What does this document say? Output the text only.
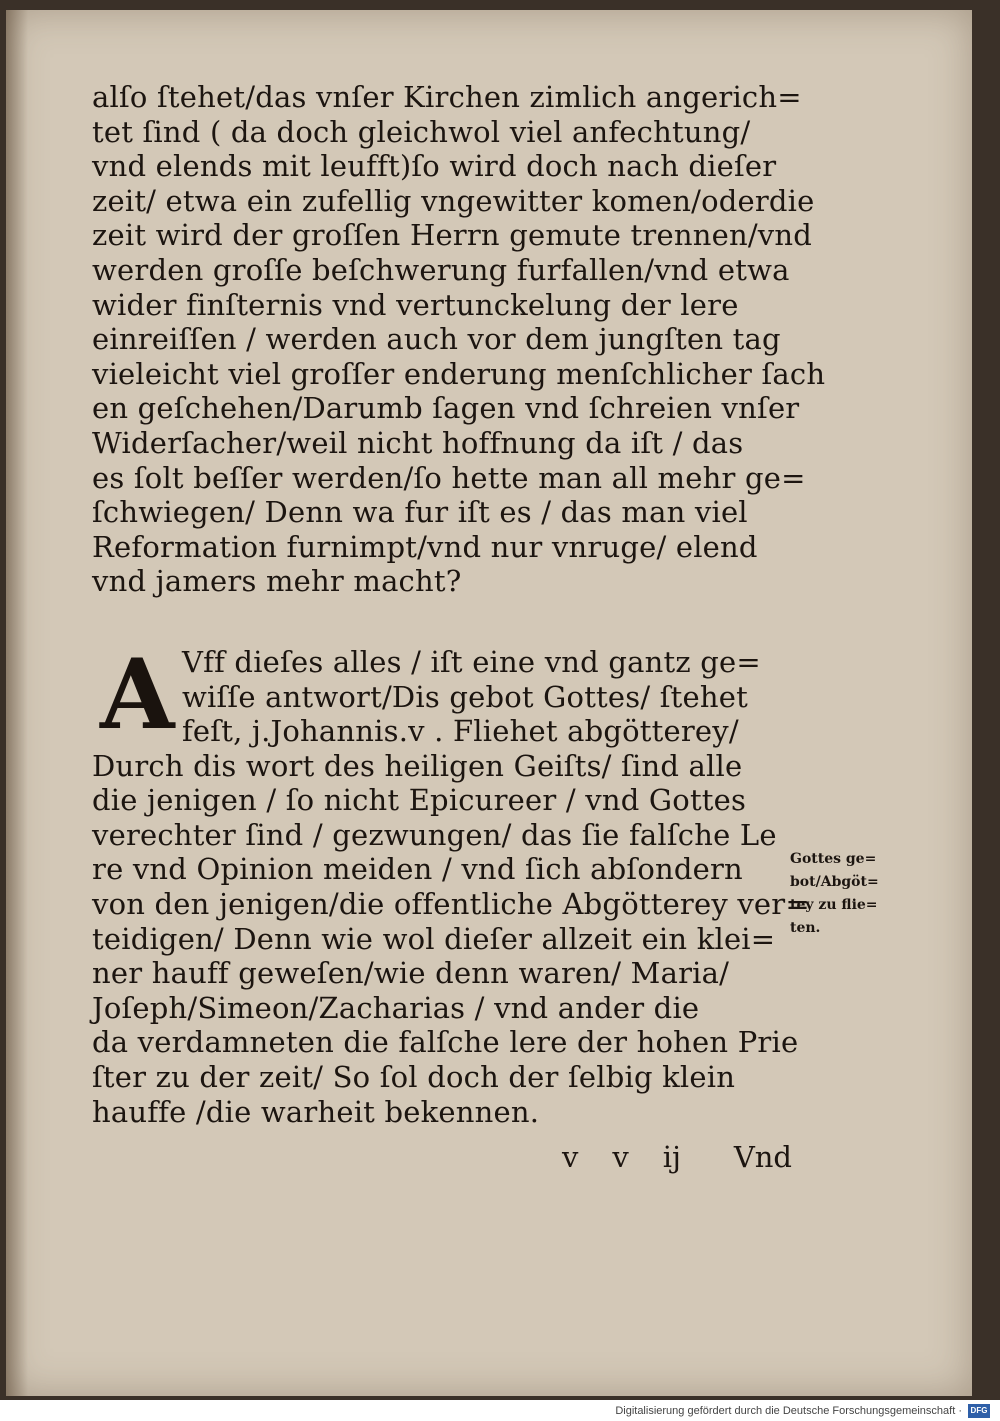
alſo ſtehet/das vnſer Kirchen zimlich angerich=
tet ſind ( da doch gleichwol viel anfechtung/
vnd elends mit leufft)ſo wird doch nach dieſer
zeit/ etwa ein zufellig vngewitter komen/oderdie
zeit wird der groſſen Herrn gemute trennen/vnd
werden groſſe beſchwerung furfallen/vnd etwa
wider finſternis vnd vertunckelung der lere
einreiſſen / werden auch vor dem jungſten tag
vieleicht viel groſſer enderung menſchlicher ſach
en geſchehen/Darumb ſagen vnd ſchreien vnſer
Widerſacher/weil nicht hoffnung da iſt / das
es ſolt beſſer werden/ſo hette man all mehr ge=
ſchwiegen/ Denn wa fur iſt es / das man viel
Reformation furnimpt/vnd nur vnruge/ elend
vnd jamers mehr macht?
A Vff dieſes alles / iſt eine vnd gantz ge=
wiſſe antwort/Dis gebot Gottes/ ſtehet
feſt, j.Johannis.v . Fliehet abgötterey/
Durch dis wort des heiligen Geiſts/ ſind alle
die jenigen / ſo nicht Epicureer / vnd Gottes
verechter ſind / gezwungen/ das ſie falſche Le
re vnd Opinion meiden / vnd ſich abſondern
von den jenigen/die offentliche Abgötterey ver=
teidigen/ Denn wie wol dieſer allzeit ein klei=
ner hauff geweſen/wie denn waren/ Maria/
Joſeph/Simeon/Zacharias / vnd ander die
da verdamneten die falſche lere der hohen Prie
ſter zu der zeit/ So ſol doch der ſelbig klein
hauffe /die warheit bekennen.
Gottes ge=
bot/Abgöt=
tey zu flie=
ten.
v v ij Vnd
Digitalisierung gefördert durch die Deutsche Forschungsgemeinschaft · DFG
